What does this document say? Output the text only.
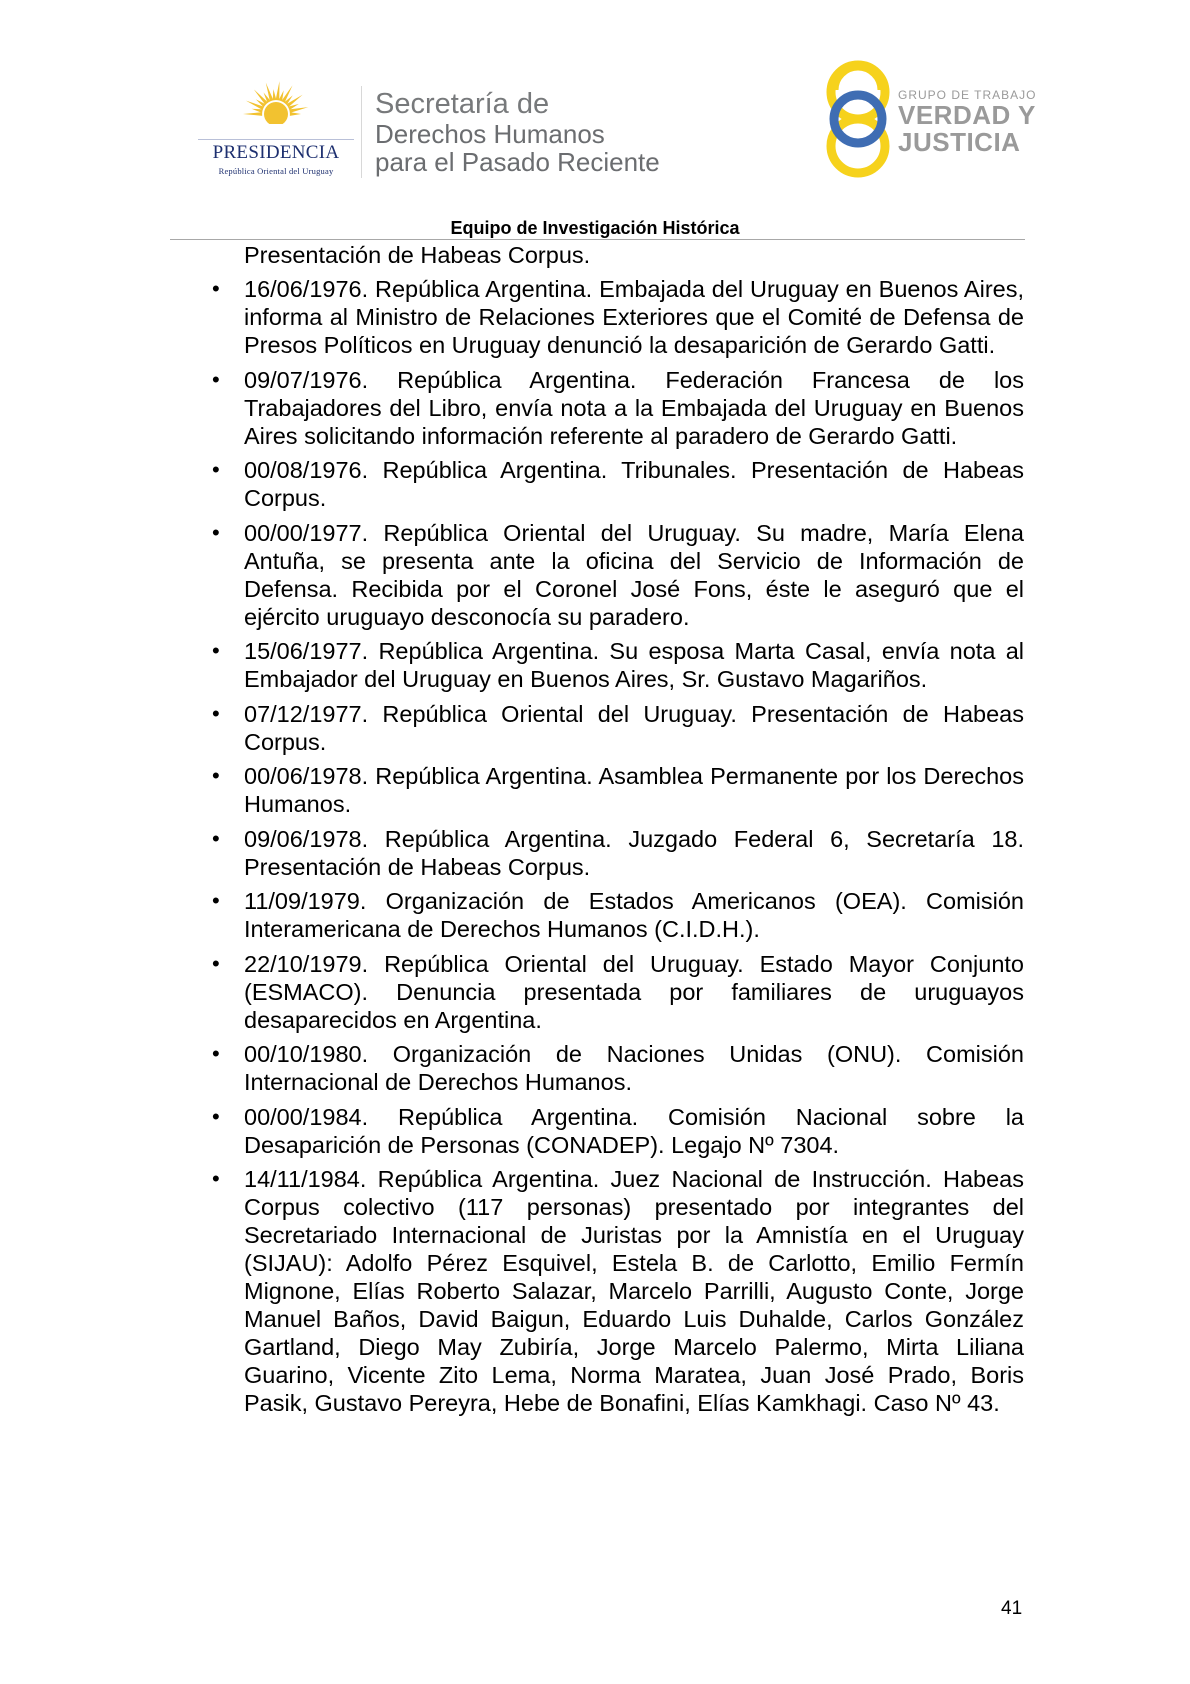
PRESIDENCIA
República Oriental del Uruguay
Secretaría de
Derechos Humanos
para el Pasado Reciente
GRUPO DE TRABAJO
VERDAD Y
JUSTICIA
Equipo de Investigación Histórica

Presentación de Habeas Corpus.

• 16/06/1976. República Argentina. Embajada del Uruguay en Buenos Aires, informa al Ministro de Relaciones Exteriores que el Comité de Defensa de Presos Políticos en Uruguay denunció la desaparición de Gerardo Gatti.
• 09/07/1976. República Argentina. Federación Francesa de los Trabajadores del Libro, envía nota a la Embajada del Uruguay en Buenos Aires solicitando información referente al paradero de Gerardo Gatti.
• 00/08/1976. República Argentina. Tribunales. Presentación de Habeas Corpus.
• 00/00/1977. República Oriental del Uruguay. Su madre, María Elena Antuña, se presenta ante la oficina del Servicio de Información de Defensa. Recibida por el Coronel José Fons, éste le aseguró que el ejército uruguayo desconocía su paradero.
• 15/06/1977. República Argentina. Su esposa Marta Casal, envía nota al Embajador del Uruguay en Buenos Aires, Sr. Gustavo Magariños.
• 07/12/1977. República Oriental del Uruguay. Presentación de Habeas Corpus.
• 00/06/1978. República Argentina. Asamblea Permanente por los Derechos Humanos.
• 09/06/1978. República Argentina. Juzgado Federal 6, Secretaría 18. Presentación de Habeas Corpus.
• 11/09/1979. Organización de Estados Americanos (OEA). Comisión Interamericana de Derechos Humanos (C.I.D.H.).
• 22/10/1979. República Oriental del Uruguay. Estado Mayor Conjunto (ESMACO). Denuncia presentada por familiares de uruguayos desaparecidos en Argentina.
• 00/10/1980. Organización de Naciones Unidas (ONU). Comisión Internacional de Derechos Humanos.
• 00/00/1984. República Argentina. Comisión Nacional sobre la Desaparición de Personas (CONADEP). Legajo Nº 7304.
• 14/11/1984. República Argentina. Juez Nacional de Instrucción. Habeas Corpus colectivo (117 personas) presentado por integrantes del Secretariado Internacional de Juristas por la Amnistía en el Uruguay (SIJAU): Adolfo Pérez Esquivel, Estela B. de Carlotto, Emilio Fermín Mignone, Elías Roberto Salazar, Marcelo Parrilli, Augusto Conte, Jorge Manuel Baños, David Baigun, Eduardo Luis Duhalde, Carlos González Gartland, Diego May Zubiría, Jorge Marcelo Palermo, Mirta Liliana Guarino, Vicente Zito Lema, Norma Maratea, Juan José Prado, Boris Pasik, Gustavo Pereyra, Hebe de Bonafini, Elías Kamkhagi. Caso Nº 43.
41
